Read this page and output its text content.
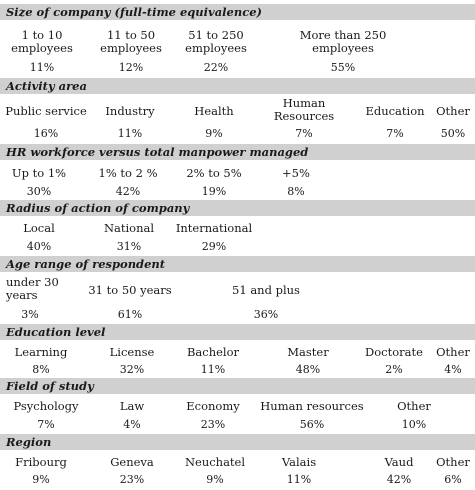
Size of company (full-time equivalence)
1 to 10 employees
11%
11 to 50 employees
12%
51 to 250 employees
22%
More than 250 employees
55%
Activity area
Public service
16%
Industry
11%
Health
9%
Human Resources
7%
Education
7%
Other
50%
HR workforce versus total manpower managed
Up to 1%
30%
1% to 2 %
42%
2% to 5%
19%
+5%
8%
Radius of action of company
Local
40%
National
31%
International
29%
Age range of respondent
under 30 years
3%
31 to 50 years
61%
51 and plus
36%
Education level
Learning
8%
License
32%
Bachelor
11%
Master
48%
Doctorate
2%
Other
4%
Field of study
Psychology
7%
Law
4%
Economy
23%
Human resources
56%
Other
10%
Region
Fribourg
9%
Geneva
23%
Neuchatel
9%
Valais
11%
Vaud
42%
Other
6%
